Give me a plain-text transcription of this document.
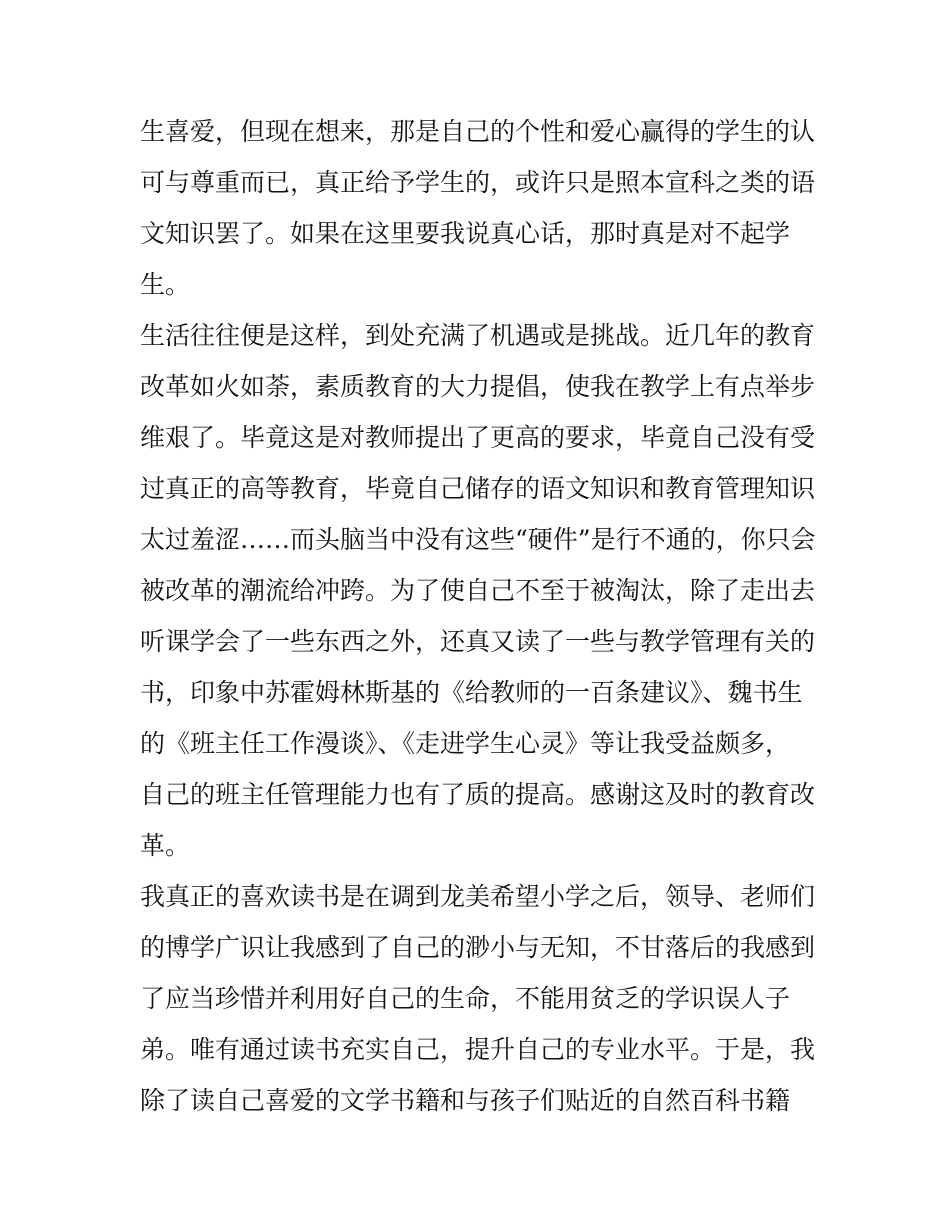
生喜爱，但现在想来，那是自己的个性和爱心赢得的学生的认
可与尊重而已，真正给予学生的，或许只是照本宣科之类的语
文知识罢了。如果在这里要我说真心话，那时真是对不起学
生。
生活往往便是这样，到处充满了机遇或是挑战。近几年的教育
改革如火如荼，素质教育的大力提倡，使我在教学上有点举步
维艰了。毕竟这是对教师提出了更高的要求，毕竟自己没有受
过真正的高等教育，毕竟自己储存的语文知识和教育管理知识
太过羞涩……而头脑当中没有这些“硬件”是行不通的，你只会
被改革的潮流给冲跨。为了使自己不至于被淘汰，除了走出去
听课学会了一些东西之外，还真又读了一些与教学管理有关的
书，印象中苏霍姆林斯基的《给教师的一百条建议》、魏书生
的《班主任工作漫谈》、《走进学生心灵》等让我受益颇多，
自己的班主任管理能力也有了质的提高。感谢这及时的教育改
革。
我真正的喜欢读书是在调到龙美希望小学之后，领导、老师们
的博学广识让我感到了自己的渺小与无知，不甘落后的我感到
了应当珍惜并利用好自己的生命，不能用贫乏的学识误人子
弟。唯有通过读书充实自己，提升自己的专业水平。于是，我
除了读自己喜爱的文学书籍和与孩子们贴近的自然百科书籍
